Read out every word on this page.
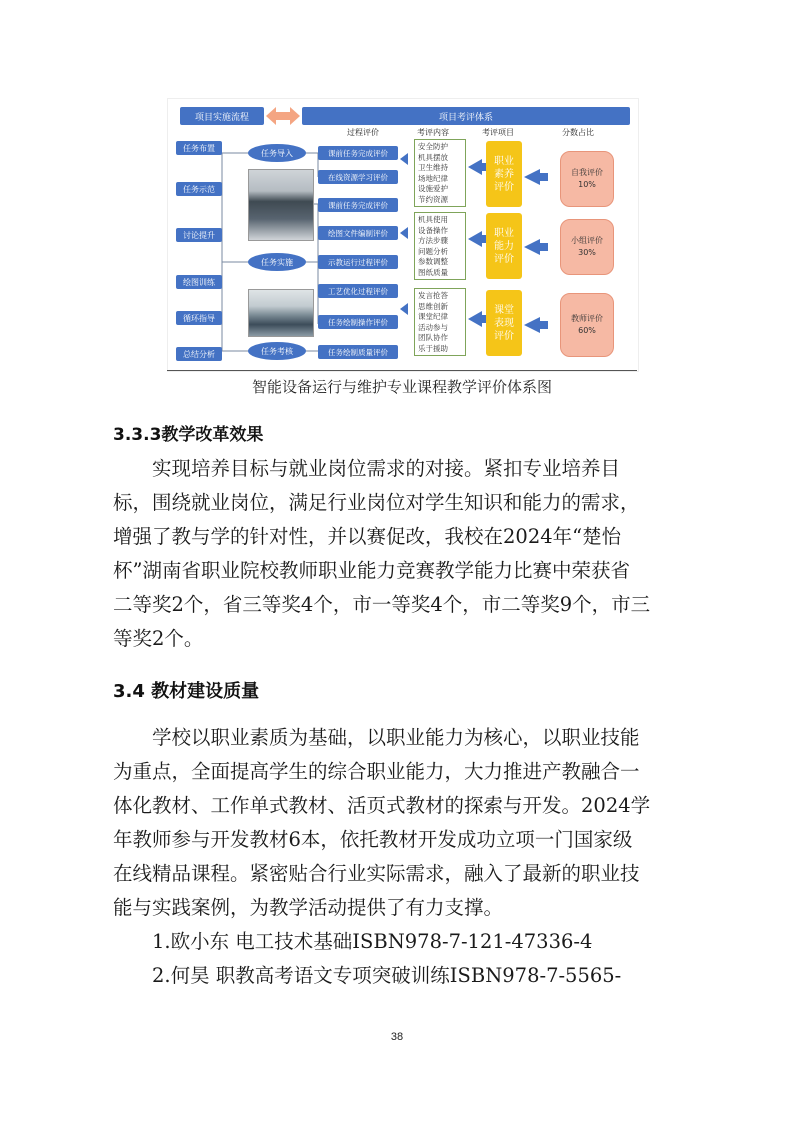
项目实施流程	项目考评体系
过程评价	考评内容	考评项目	分数占比
任务布置
任务示范
讨论提升
绘图训练
循环指导
总结分析
任务导入
任务实施
任务考核
课前任务完成评价
在线资源学习评价
课前任务完成评价
绘图文件编制评价
示教运行过程评价
工艺优化过程评价
任务绘制操作评价
任务绘制质量评价
安全防护
机具摆放
卫生维持
场地纪律
设施爱护
节约资源
机具使用
设备操作
方法步骤
问题分析
参数调整
图纸质量
发言抢答
思维创新
课堂纪律
活动参与
团队协作
乐于援助
职业
素养
评价
职业
能力
评价
课堂
表现
评价
自我评价
10%
小组评价
30%
教师评价
60%
智能设备运行与维护专业课程教学评价体系图
3.3.3教学改革效果
实现培养目标与就业岗位需求的对接。紧扣专业培养目
标，围绕就业岗位，满足行业岗位对学生知识和能力的需求，
增强了教与学的针对性，并以赛促改，我校在2024年“楚怡
杯”湖南省职业院校教师职业能力竞赛教学能力比赛中荣获省
二等奖2个，省三等奖4个，市一等奖4个，市二等奖9个，市三
等奖2个。
3.4 教材建设质量
学校以职业素质为基础，以职业能力为核心，以职业技能
为重点，全面提高学生的综合职业能力，大力推进产教融合一
体化教材、工作单式教材、活页式教材的探索与开发。2024学
年教师参与开发教材6本，依托教材开发成功立项一门国家级
在线精品课程。紧密贴合行业实际需求，融入了最新的职业技
能与实践案例，为教学活动提供了有力支撑。
1.欧小东 电工技术基础ISBN978-7-121-47336-4
2.何昊 职教高考语文专项突破训练ISBN978-7-5565-
38
